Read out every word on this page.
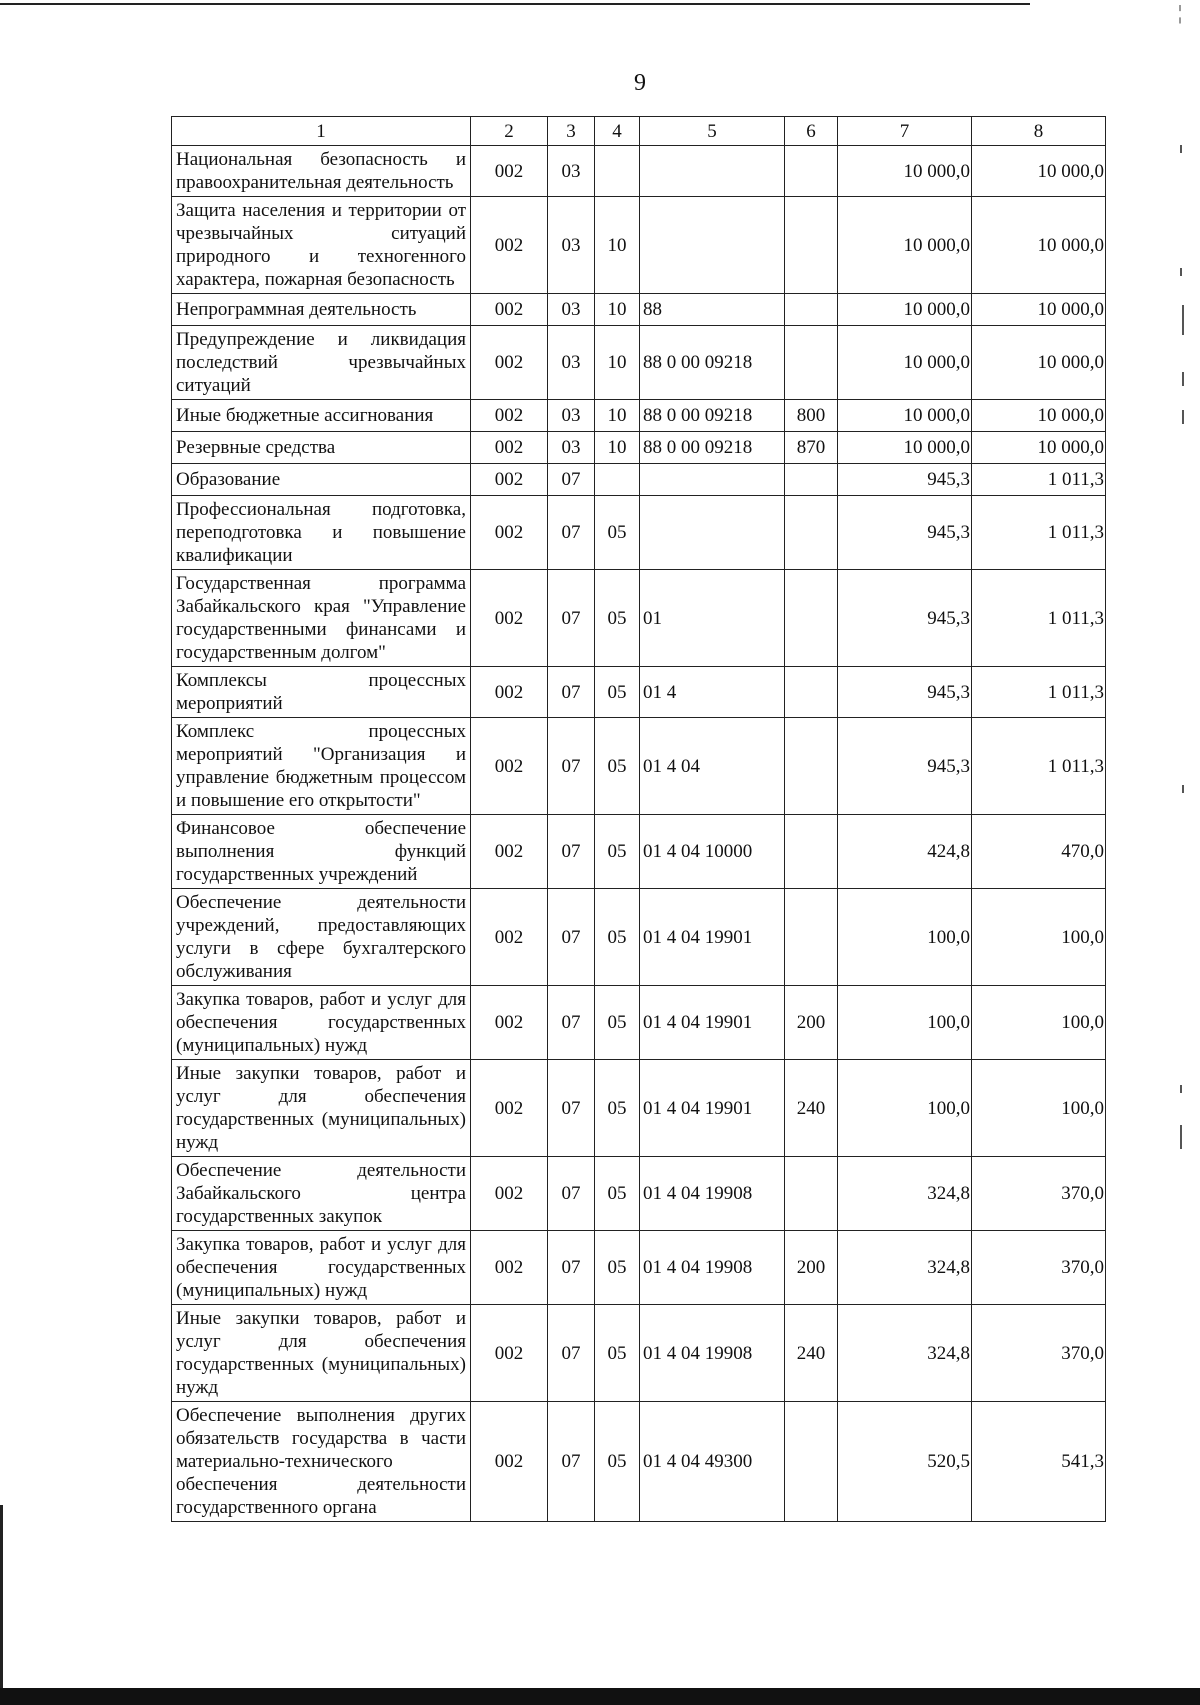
¦
9
1	2	3	4	5	6	7	8
Национальная безопасность и правоохранительная деятельность	002	03				10 000,0	10 000,0
Защита населения и территории от чрезвычайных ситуаций природного и техногенного характера, пожарная безопасность	002	03	10			10 000,0	10 000,0
Непрограммная деятельность	002	03	10	88		10 000,0	10 000,0
Предупреждение и ликвидация последствий чрезвычайных ситуаций	002	03	10	88 0 00 09218		10 000,0	10 000,0
Иные бюджетные ассигнования	002	03	10	88 0 00 09218	800	10 000,0	10 000,0
Резервные средства	002	03	10	88 0 00 09218	870	10 000,0	10 000,0
Образование	002	07				945,3	1 011,3
Профессиональная подготовка, переподготовка и повышение квалификации	002	07	05			945,3	1 011,3
Государственная программа Забайкальского края "Управление государственными финансами и государственным долгом"	002	07	05	01		945,3	1 011,3
Комплексы процессных мероприятий	002	07	05	01 4		945,3	1 011,3
Комплекс процессных мероприятий "Организация и управление бюджетным процессом и повышение его открытости"	002	07	05	01 4 04		945,3	1 011,3
Финансовое обеспечение выполнения функций государственных учреждений	002	07	05	01 4 04 10000		424,8	470,0
Обеспечение деятельности учреждений, предоставляющих услуги в сфере бухгалтерского обслуживания	002	07	05	01 4 04 19901		100,0	100,0
Закупка товаров, работ и услуг для обеспечения государственных (муниципальных) нужд	002	07	05	01 4 04 19901	200	100,0	100,0
Иные закупки товаров, работ и услуг для обеспечения государственных (муниципальных) нужд	002	07	05	01 4 04 19901	240	100,0	100,0
Обеспечение деятельности Забайкальского центра государственных закупок	002	07	05	01 4 04 19908		324,8	370,0
Закупка товаров, работ и услуг для обеспечения государственных (муниципальных) нужд	002	07	05	01 4 04 19908	200	324,8	370,0
Иные закупки товаров, работ и услуг для обеспечения государственных (муниципальных) нужд	002	07	05	01 4 04 19908	240	324,8	370,0
Обеспечение выполнения других обязательств государства в части материально-технического обеспечения деятельности государственного органа	002	07	05	01 4 04 49300		520,5	541,3
